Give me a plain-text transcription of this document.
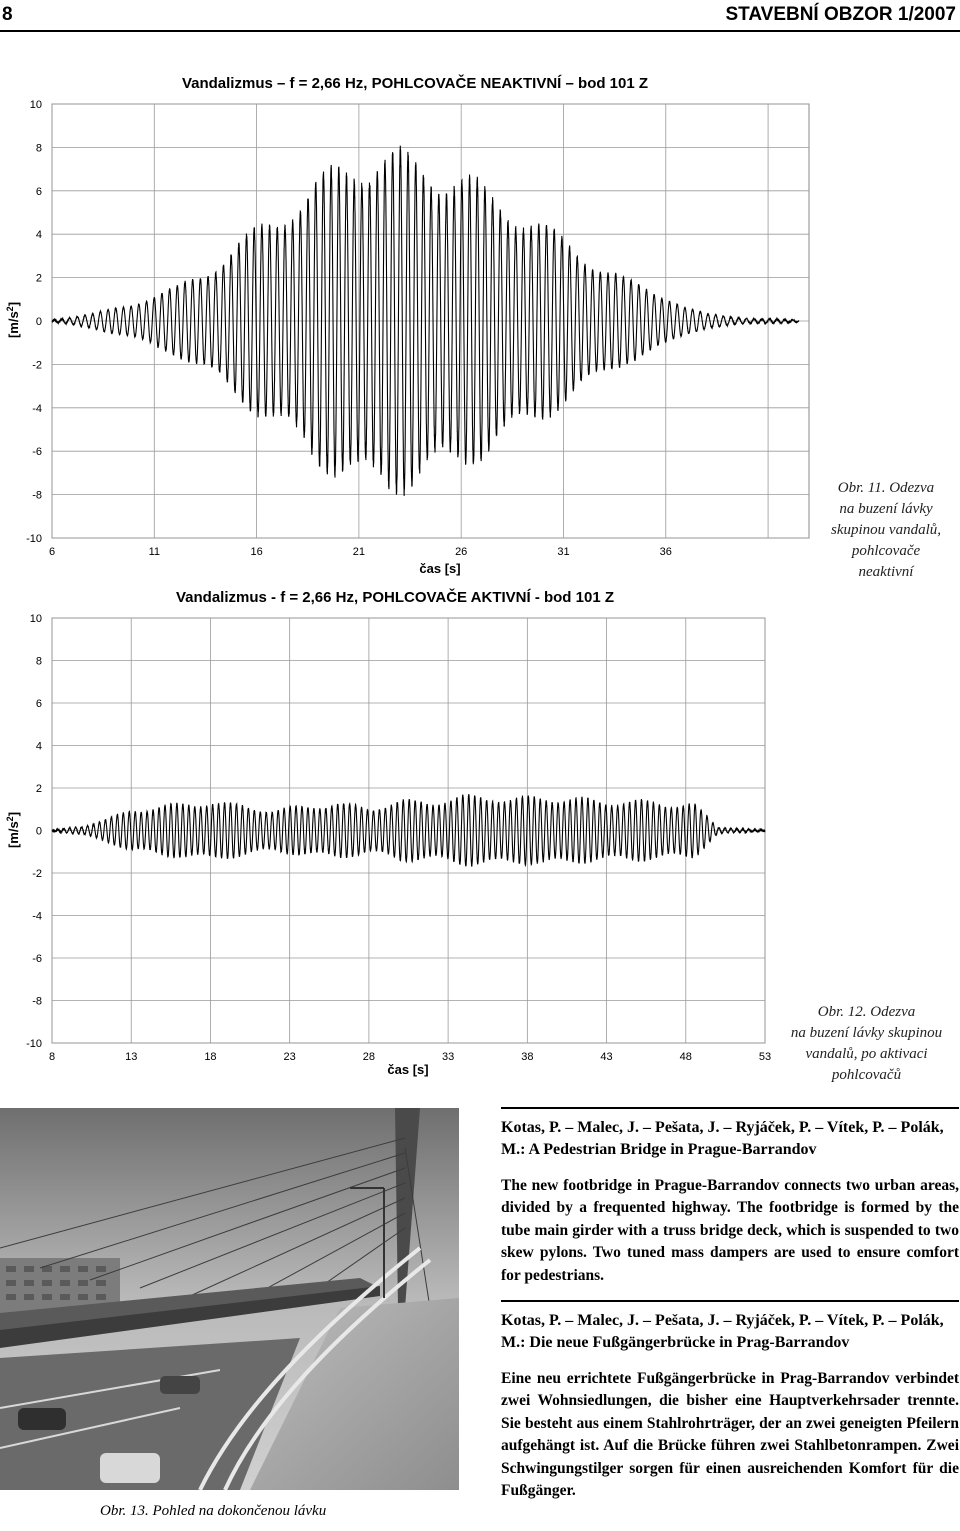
8	STAVEBNÍ OBZOR 1/2007
Vandalizmus – f = 2,66 Hz, POHLCOVAČE NEAKTIVNÍ – bod 101 Z
10
8
6
4
2
0
-2
-4
-6
-8
-10
6	11	16	21	26	31	36
$[m/s^2]$
čas [s]
Obr. 11. Odezva
na buzení lávky
skupinou vandalů,
pohlcovače
neaktivní
Vandalizmus - f = 2,66 Hz, POHLCOVAČE AKTIVNÍ - bod 101 Z
10
8
6
4
2
0
-2
-4
-6
-8
-10
8	13	18	23	28	33	38	43	48	53
$[m/s^2]$
čas [s]
Obr. 12. Odezva
na buzení lávky skupinou
vandalů, po aktivaci
pohlcovačů
Obr. 13. Pohled na dokončenou lávku
Kotas, P. – Malec, J. – Pešata, J. – Ryjáček, P. – Vítek, P. – Polák, M.: A Pedestrian Bridge in Prague-Barrandov
The new footbridge in Prague-Barrandov connects two urban areas, divided by a frequented highway. The footbridge is formed by the tube main girder with a truss bridge deck, which is suspended to two skew pylons. Two tuned mass dampers are used to ensure comfort for pedestrians.
Kotas, P. – Malec, J. – Pešata, J. – Ryjáček, P. – Vítek, P. – Polák, M.: Die neue Fußgängerbrücke in Prag-Barrandov
Eine neu errichtete Fußgängerbrücke in Prag-Barrandov verbindet zwei Wohnsiedlungen, die bisher eine Hauptverkehrsader trennte. Sie besteht aus einem Stahlrohrträger, der an zwei geneigten Pfeilern aufgehängt ist. Auf die Brücke führen zwei Stahlbetonrampen. Zwei Schwingungstilger sorgen für einen ausreichenden Komfort für die Fußgänger.
